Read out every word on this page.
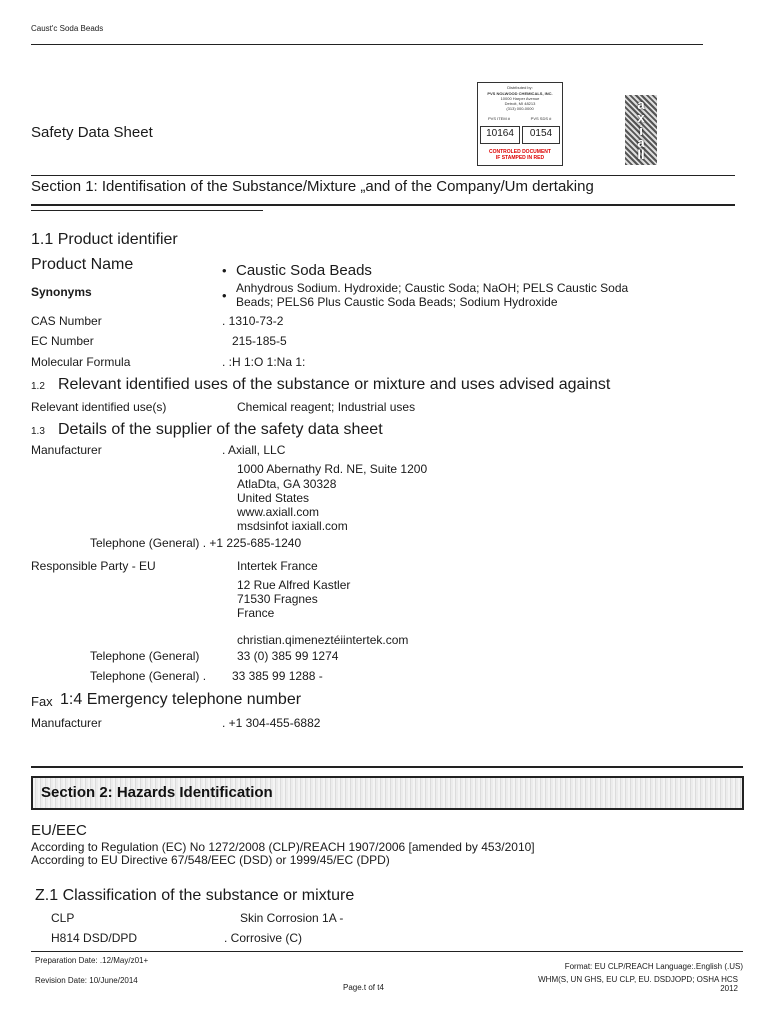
Caust'c Soda Beads
Safety Data Sheet
Distributed by:
PVS NOLWOOD CHEMICALS, INC.
10000 Harper Avenue
Detroit, MI 48213
(313) 000-0000
PVS ITEM #	PVS SDS #
10164	0154
CONTROLED DOCUMENT
IF STAMPED IN RED
a
x
i
a
ll
Section 1: Identifisation of the Substance/Mixture „and of the Company/Um dertaking
1.1 Product identifier
Product Name	• Caustic Soda Beads
Synonyms	• Anhydrous Sodium. Hydroxide; Caustic Soda; NaOH; PELS Caustic Soda
Beads; PELS6 Plus Caustic Soda Beads; Sodium Hydroxide
CAS Number	. 1310-73-2
EC Number	215-185-5
Molecular Formula	. :H 1:O 1:Na 1:
1.2 Relevant identified uses of the substance or mixture and uses advised against
Relevant identified use(s)	Chemical reagent; Industrial uses
1.3 Details of the supplier of the safety data sheet
Manufacturer	. Axiall, LLC
1000 Abernathy Rd. NE, Suite 1200
AtlaDta, GA 30328
United States
www.axiall.com
msdsinfot iaxiall.com
Telephone (General) . +1 225-685-1240
Responsible Party - EU	Intertek France
12 Rue Alfred Kastler
71530 Fragnes
France
christian.qimeneztéiintertek.com
Telephone (General)	33 (0) 385 99 1274
Telephone (General) . 33 385 99 1288 -
Fax 1:4 Emergency telephone number
Manufacturer	. +1 304-455-6882
Section 2: Hazards Identification
EU/EEC
According to Regulation (EC) No 1272/2008 (CLP)/REACH 1907/2006 [amended by 453/2010]
According to EU Directive 67/548/EEC (DSD) or 1999/45/EC (DPD)
Z.1 Classification of the substance or mixture
CLP	Skin Corrosion 1A -
H814 DSD/DPD	. Corrosive (C)
Preparation Date: .12/May/z01+
Revision Date: 10/June/2014
Page.t of t4
Format: EU CLP/REACH Language:.English (.US)
WHM(S, UN GHS, EU CLP, EU. DSDJOPD; OSHA HCS
2012
